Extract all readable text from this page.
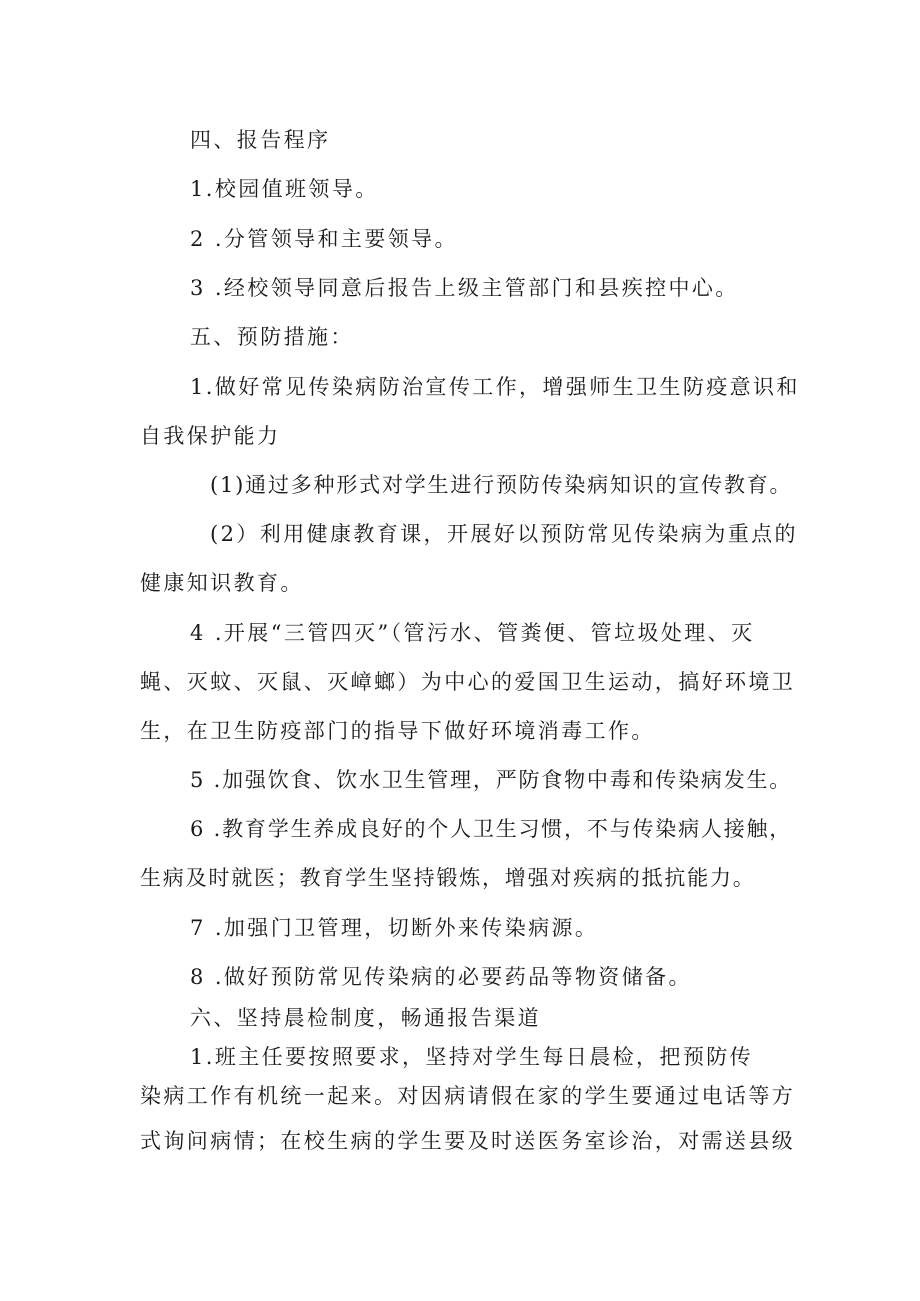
四、报告程序

1.校园值班领导。

2 .分管领导和主要领导。

3 .经校领导同意后报告上级主管部门和县疾控中心。

五、预防措施：

1.做好常见传染病防治宣传工作，增强师生卫生防疫意识和

自我保护能力

(1)通过多种形式对学生进行预防传染病知识的宣传教育。

(2）利用健康教育课，开展好以预防常见传染病为重点的

健康知识教育。

4 .开展“三管四灭”（管污水、管粪便、管垃圾处理、灭

蝇、灭蚊、灭鼠、灭嶂螂）为中心的爱国卫生运动，搞好环境卫

生，在卫生防疫部门的指导下做好环境消毒工作。

5 .加强饮食、饮水卫生管理，严防食物中毒和传染病发生。

6 .教育学生养成良好的个人卫生习惯，不与传染病人接触，

生病及时就医；教育学生坚持锻炼，增强对疾病的抵抗能力。

7 .加强门卫管理，切断外来传染病源。

8 .做好预防常见传染病的必要药品等物资储备。

六、坚持晨检制度，畅通报告渠道

1.班主任要按照要求，坚持对学生每日晨检，把预防传

染病工作有机统一起来。对因病请假在家的学生要通过电话等方

式询问病情；在校生病的学生要及时送医务室诊治，对需送县级
